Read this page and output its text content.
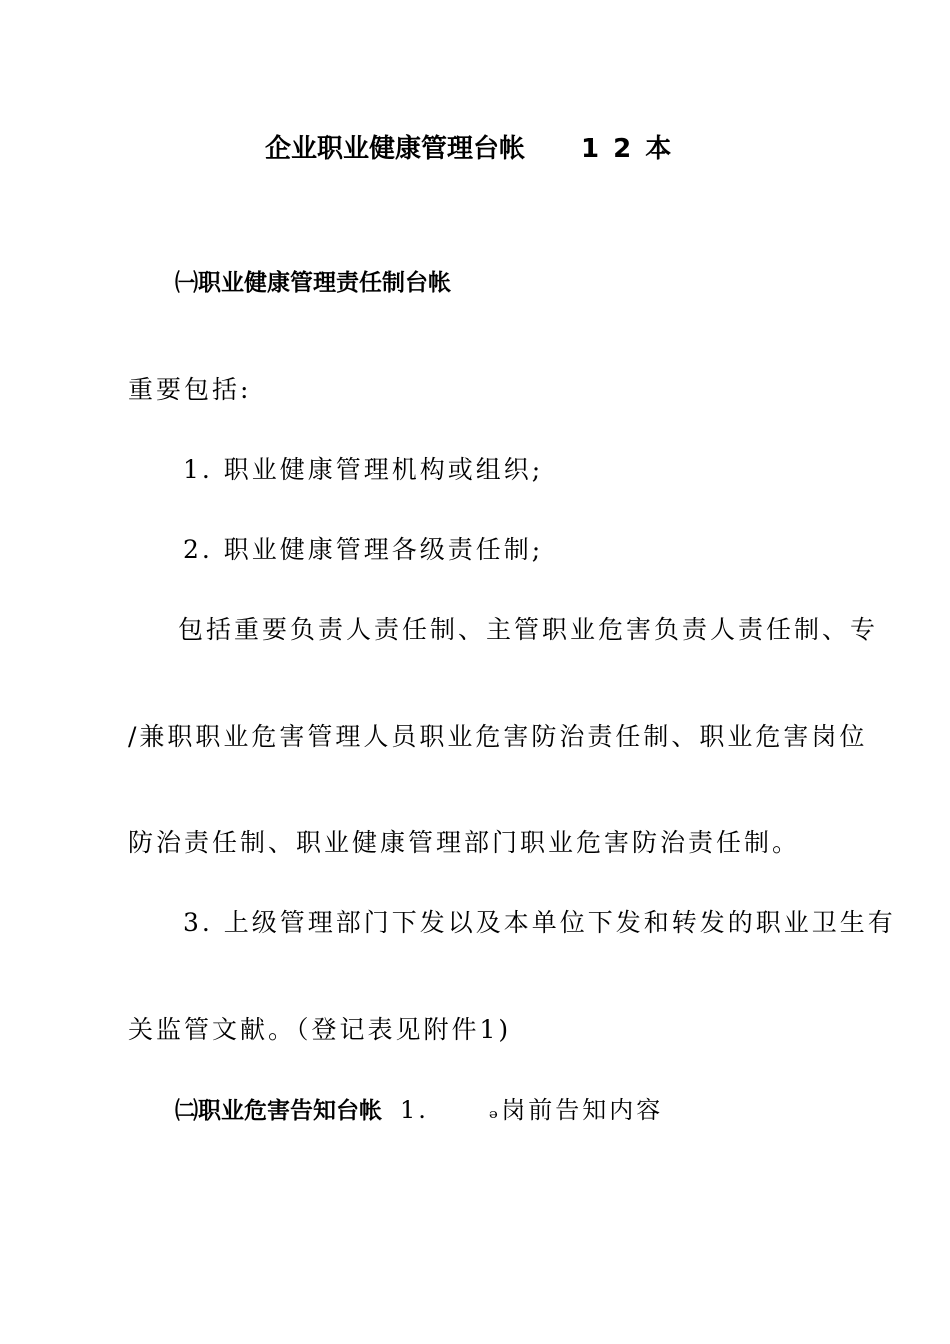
企业职业健康管理台帐 12本
㈠职业健康管理责任制台帐
重要包括:
1. 职业健康管理机构或组织;
2. 职业健康管理各级责任制;
包括重要负责人责任制、主管职业危害负责人责任制、专
/兼职职业危害管理人员职业危害防治责任制、职业危害岗位
防治责任制、职业健康管理部门职业危害防治责任制。
3. 上级管理部门下发以及本单位下发和转发的职业卫生有
关监管文献。（登记表见附件1)
㈡职业危害告知台帐 1.	ₔ岗前告知内容
